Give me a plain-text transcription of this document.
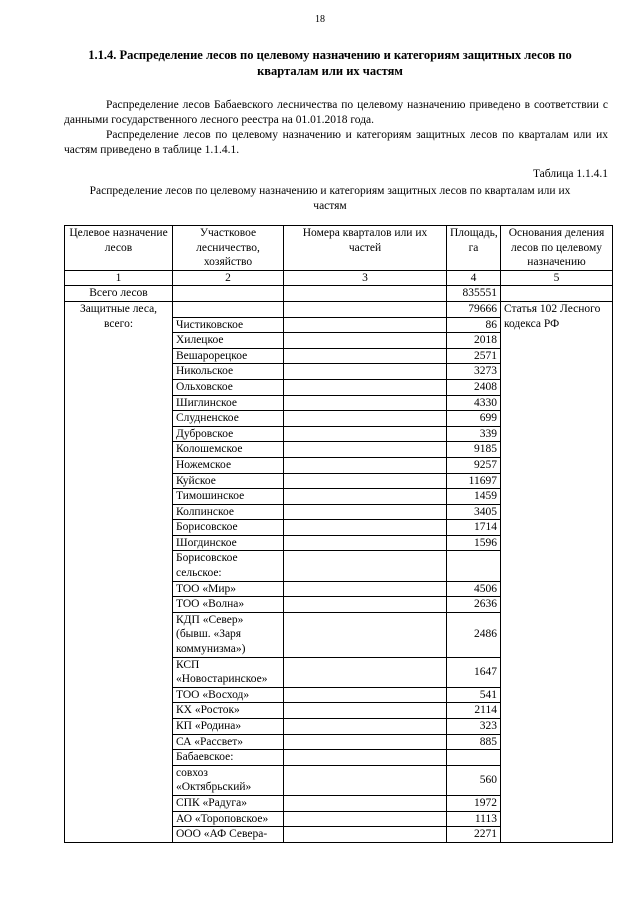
18
1.1.4. Распределение лесов по целевому назначению и категориям защитных лесов по кварталам или их частям

Распределение лесов Бабаевского лесничества по целевому назначению приведено в соответствии с данными государственного лесного реестра на 01.01.2018 года.

Распределение лесов по целевому назначению и категориям защитных лесов по кварталам или их частям приведено в таблице 1.1.4.1.

Таблица 1.1.4.1
Распределение лесов по целевому назначению и категориям защитных лесов по кварталам или их частям
Целевое назначение лесов	Участковое лесничество, хозяйство	Номера кварталов или их частей	Площадь, га	Основания деления лесов по целевому назначению
1	2	3	4	5
Всего лесов			835551	
Защитные леса, всего:			79666	Статья 102 Лесного кодекса РФ
	Чистиковское		86	
	Хилецкое		2018	
	Вешарорецкое		2571	
	Никольское		3273	
	Ольховское		2408	
	Шиглинское		4330	
	Слудненское		699	
	Дубровское		339	
	Колошемское		9185	
	Ножемское		9257	
	Куйское		11697	
	Тимошинское		1459	
	Колпинское		3405	
	Борисовское		1714	
	Шогдинское		1596	
	Борисовское сельское:			
	ТОО «Мир»		4506	
	ТОО «Волна»		2636	
	КДП «Север» (бывш. «Заря коммунизма»)		2486	
	КСП «Новостаринское»		1647	
	ТОО «Восход»		541	
	КХ «Росток»		2114	
	КП «Родина»		323	
	СА «Рассвет»		885	
	Бабаевское:			
	совхоз «Октябрьский»		560	
	СПК «Радуга»		1972	
	АО «Тороповское»		1113	
	ООО «АФ Севера-		2271	
